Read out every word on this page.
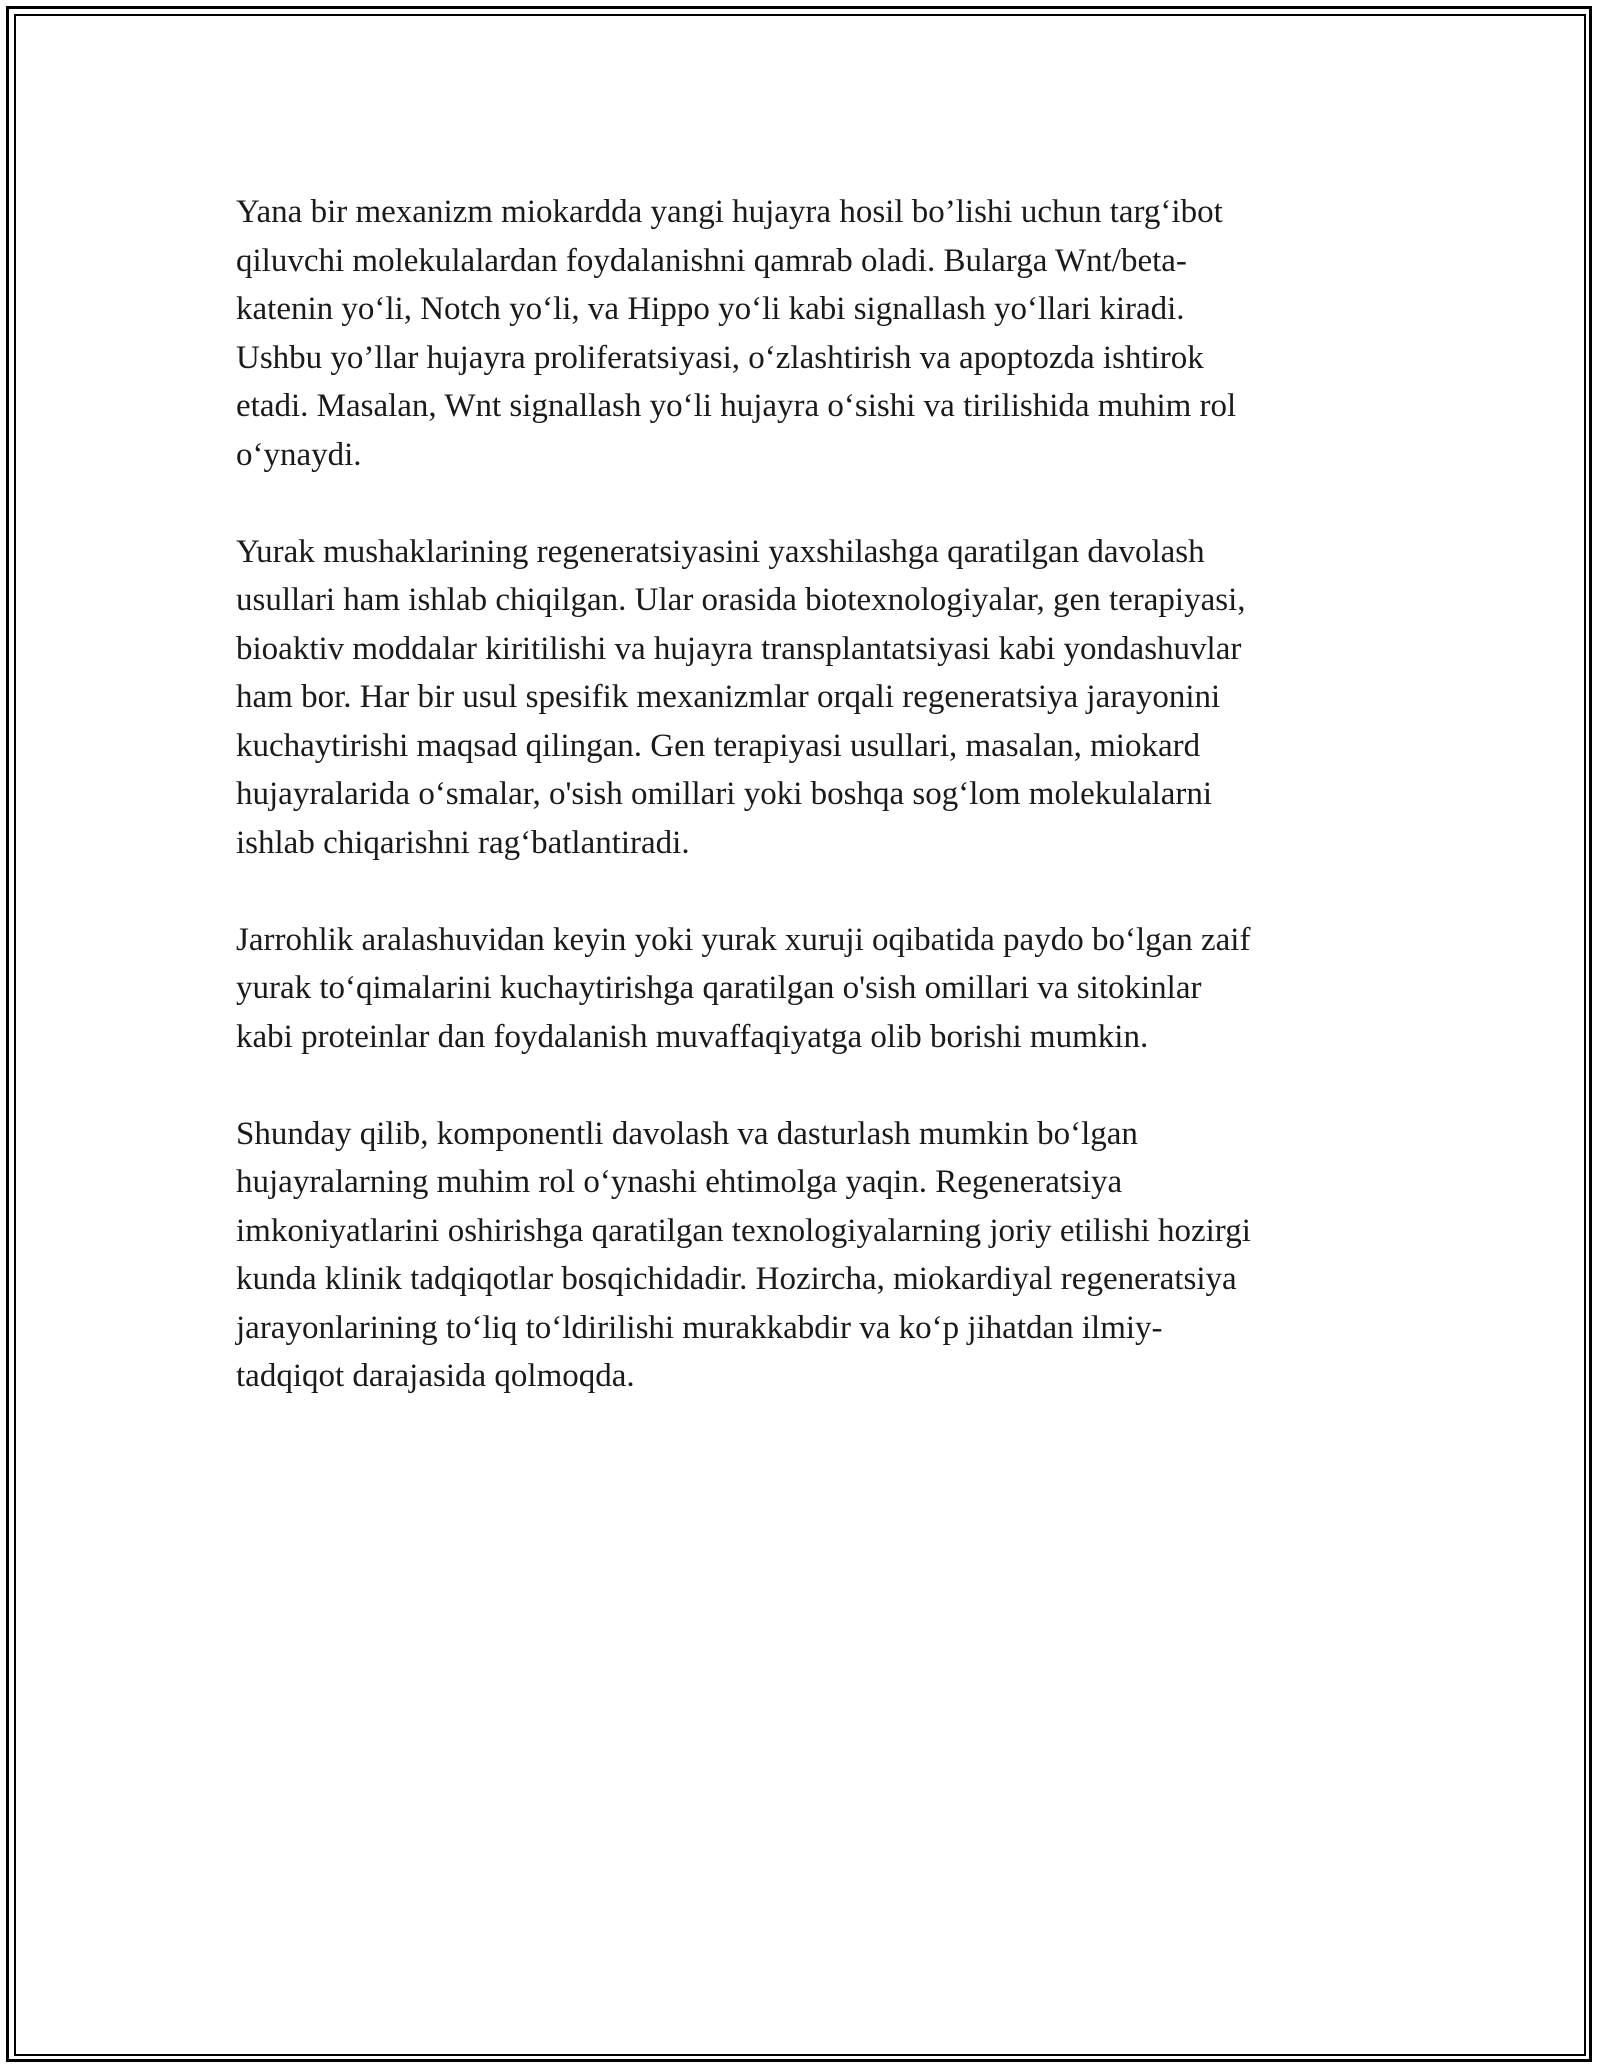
Yana bir mexanizm miokardda yangi hujayra hosil bo’lishi uchun targ‘ibot
qiluvchi molekulalardan foydalanishni qamrab oladi. Bularga Wnt/beta-
katenin yo‘li, Notch yo‘li, va Hippo yo‘li kabi signallash yo‘llari kiradi.
Ushbu yo’llar hujayra proliferatsiyasi, o‘zlashtirish va apoptozda ishtirok
etadi. Masalan, Wnt signallash yo‘li hujayra o‘sishi va tirilishida muhim rol
o‘ynaydi.

Yurak mushaklarining regeneratsiyasini yaxshilashga qaratilgan davolash
usullari ham ishlab chiqilgan. Ular orasida biotexnologiyalar, gen terapiyasi,
bioaktiv moddalar kiritilishi va hujayra transplantatsiyasi kabi yondashuvlar
ham bor. Har bir usul spesifik mexanizmlar orqali regeneratsiya jarayonini
kuchaytirishi maqsad qilingan. Gen terapiyasi usullari, masalan, miokard
hujayralarida o‘smalar, o'sish omillari yoki boshqa sog‘lom molekulalarni
ishlab chiqarishni rag‘batlantiradi.

Jarrohlik aralashuvidan keyin yoki yurak xuruji oqibatida paydo bo‘lgan zaif
yurak to‘qimalarini kuchaytirishga qaratilgan o'sish omillari va sitokinlar
kabi proteinlar dan foydalanish muvaffaqiyatga olib borishi mumkin.

Shunday qilib, komponentli davolash va dasturlash mumkin bo‘lgan
hujayralarning muhim rol o‘ynashi ehtimolga yaqin. Regeneratsiya
imkoniyatlarini oshirishga qaratilgan texnologiyalarning joriy etilishi hozirgi
kunda klinik tadqiqotlar bosqichidadir. Hozircha, miokardiyal regeneratsiya
jarayonlarining to‘liq to‘ldirilishi murakkabdir va ko‘p jihatdan ilmiy-
tadqiqot darajasida qolmoqda.
